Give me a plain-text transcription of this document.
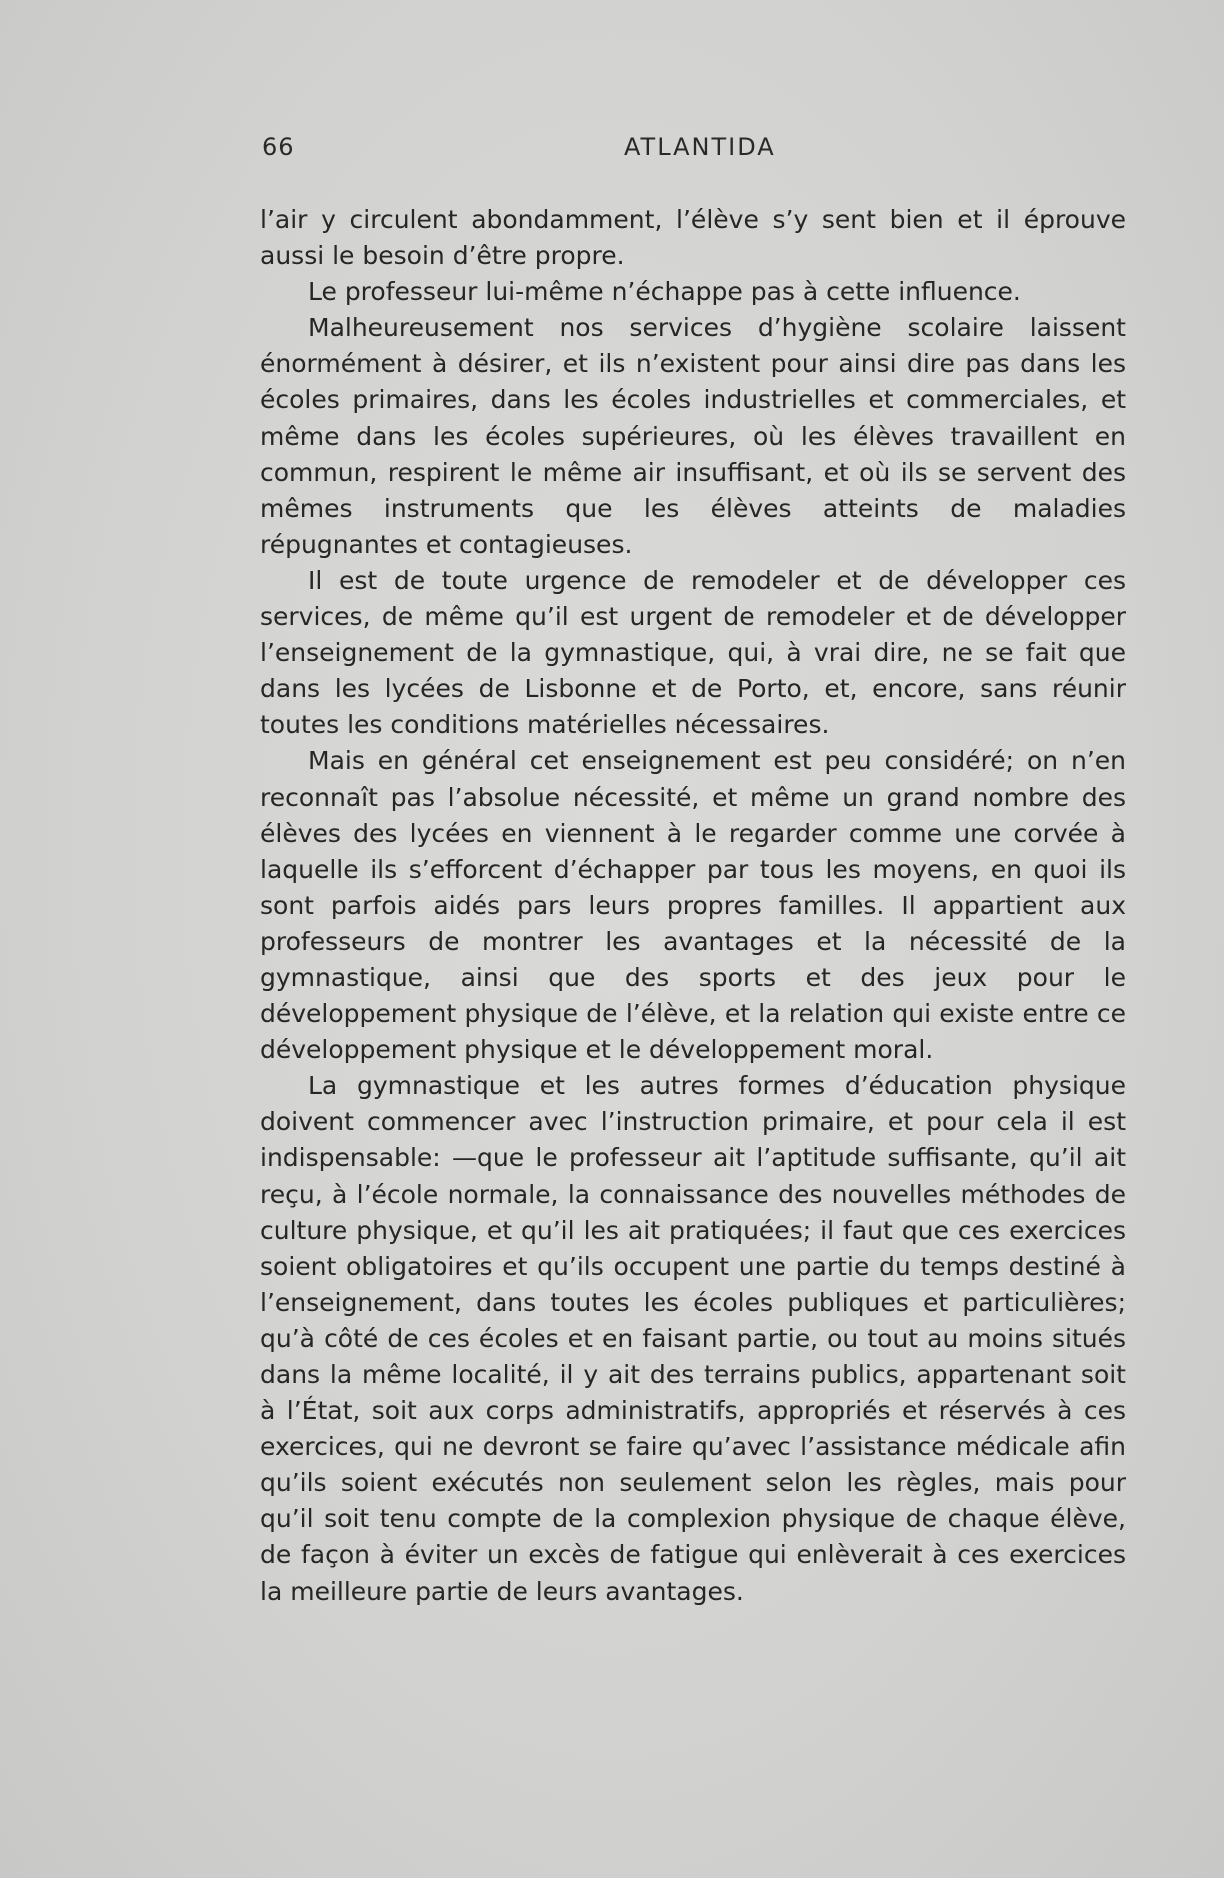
66	ATLANTIDA

l’air y circulent abondamment, l’élève s’y sent bien et il éprouve aussi le besoin d’être propre.

Le professeur lui-même n’échappe pas à cette influence.

Malheureusement nos services d’hygiène scolaire laissent énormément à désirer, et ils n’existent pour ainsi dire pas dans les écoles primaires, dans les écoles industrielles et commerciales, et même dans les écoles supérieures, où les élèves travaillent en commun, respirent le même air insuffisant, et où ils se servent des mêmes instruments que les élèves atteints de maladies répugnantes et contagieuses.

Il est de toute urgence de remodeler et de développer ces services, de même qu’il est urgent de remodeler et de développer l’enseignement de la gymnastique, qui, à vrai dire, ne se fait que dans les lycées de Lisbonne et de Porto, et, encore, sans réunir toutes les conditions matérielles nécessaires.

Mais en général cet enseignement est peu considéré; on n’en reconnaît pas l’absolue nécessité, et même un grand nombre des élèves des lycées en viennent à le regarder comme une corvée à laquelle ils s’efforcent d’échapper par tous les moyens, en quoi ils sont parfois aidés pars leurs propres familles. Il appartient aux professeurs de montrer les avantages et la nécessité de la gymnastique, ainsi que des sports et des jeux pour le développement physique de l’élève, et la relation qui existe entre ce développement physique et le développement moral.

La gymnastique et les autres formes d’éducation physique doivent commencer avec l’instruction primaire, et pour cela il est indispensable: —que le professeur ait l’aptitude suffisante, qu’il ait reçu, à l’école normale, la connaissance des nouvelles méthodes de culture physique, et qu’il les ait pratiquées; il faut que ces exercices soient obligatoires et qu’ils occupent une partie du temps destiné à l’enseignement, dans toutes les écoles publiques et particulières; qu’à côté de ces écoles et en faisant partie, ou tout au moins situés dans la même localité, il y ait des terrains publics, appartenant soit à l’État, soit aux corps administratifs, appropriés et réservés à ces exercices, qui ne devront se faire qu’avec l’assistance médicale afin qu’ils soient exécutés non seulement selon les règles, mais pour qu’il soit tenu compte de la complexion physique de chaque élève, de façon à éviter un excès de fatigue qui enlèverait à ces exercices la meilleure partie de leurs avantages.
